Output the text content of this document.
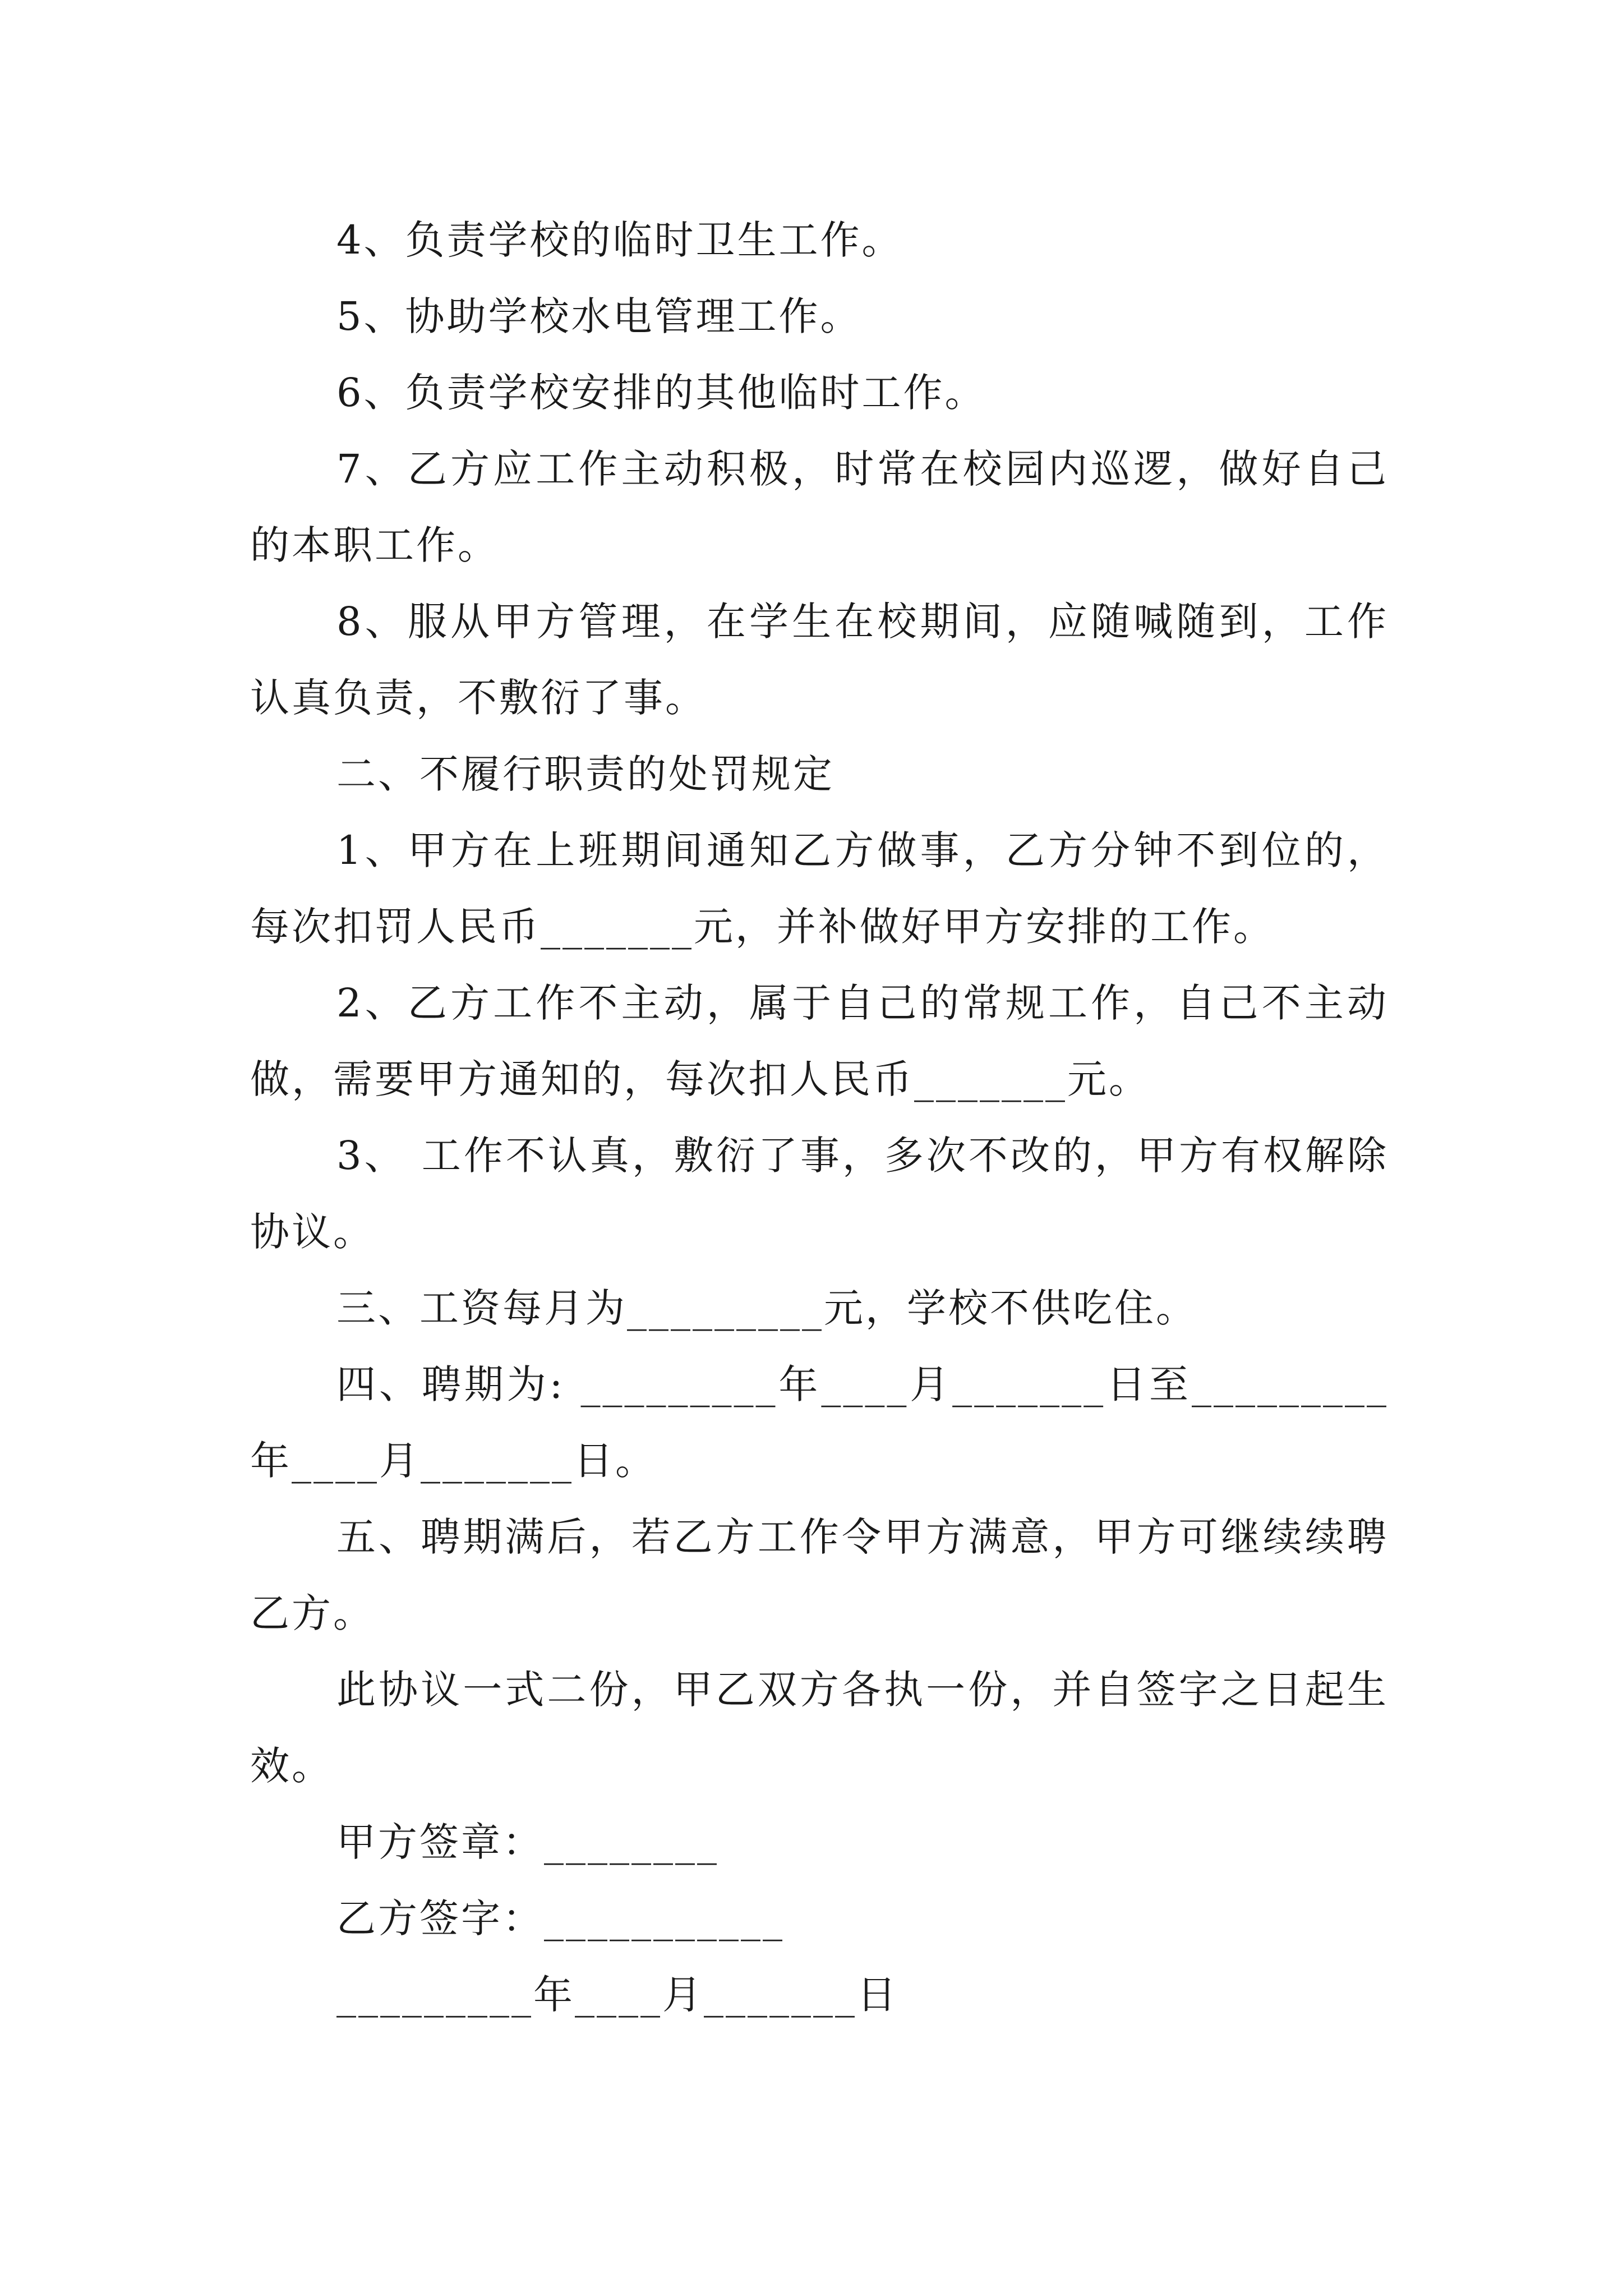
4、负责学校的临时卫生工作。

5、协助学校水电管理工作。

6、负责学校安排的其他临时工作。

7、乙方应工作主动积极，时常在校园内巡逻，做好自己的本职工作。

8、服从甲方管理，在学生在校期间，应随喊随到，工作认真负责，不敷衍了事。

二、不履行职责的处罚规定

1、甲方在上班期间通知乙方做事，乙方分钟不到位的，每次扣罚人民币_______元，并补做好甲方安排的工作。

2、乙方工作不主动，属于自己的常规工作，自己不主动做，需要甲方通知的，每次扣人民币_______元。

3、 工作不认真，敷衍了事，多次不改的，甲方有权解除协议。

三、工资每月为_________元，学校不供吃住。

四、聘期为: _________年____月_______日至_________年____月_______日。

五、聘期满后，若乙方工作令甲方满意，甲方可继续续聘乙方。

此协议一式二份，甲乙双方各执一份，并自签字之日起生效。

甲方签章：________

乙方签字：___________

_________年____月_______日
